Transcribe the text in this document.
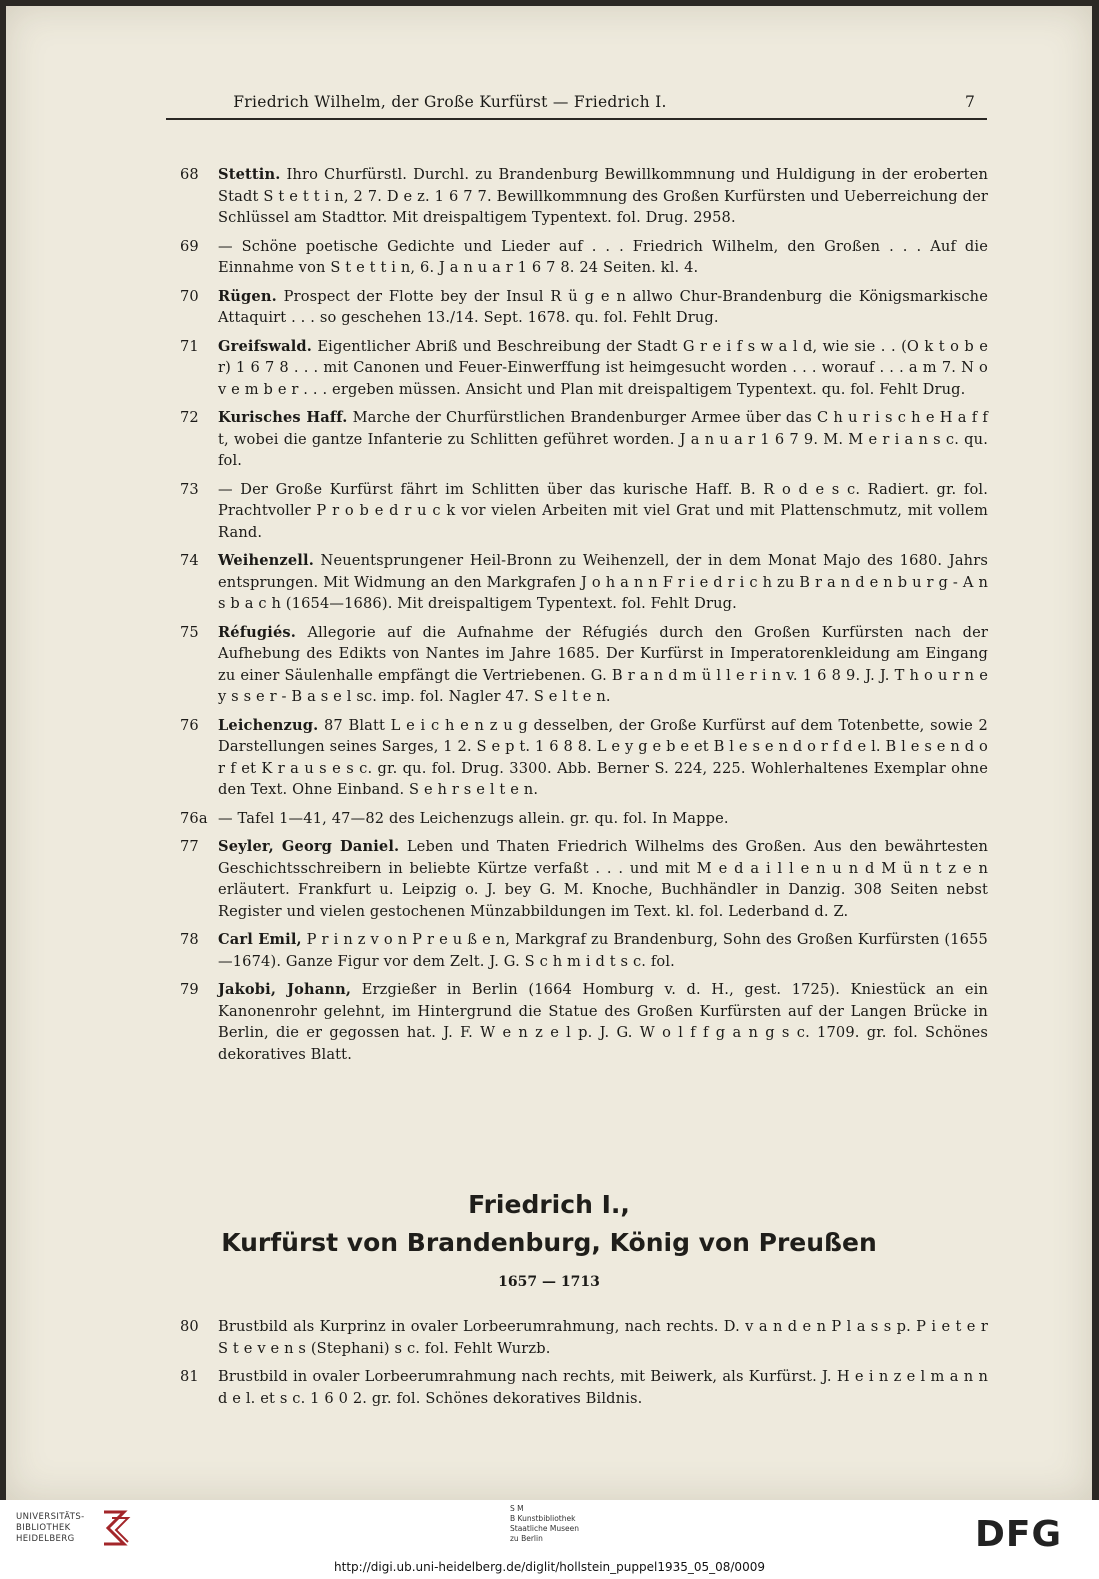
Friedrich Wilhelm, der Große Kurfürst — Friedrich I.	7
68	Stettin. Ihro Churfürstl. Durchl. zu Brandenburg Bewillkommnung und Huldigung in der eroberten Stadt S t e t t i n, 2 7. D e z. 1 6 7 7. Bewillkommnung des Großen Kurfürsten und Ueberreichung der Schlüssel am Stadttor. Mit dreispaltigem Typentext. fol. Drug. 2958.
69	— Schöne poetische Gedichte und Lieder auf . . . Friedrich Wilhelm, den Großen . . . Auf die Einnahme von S t e t t i n, 6. J a n u a r 1 6 7 8. 24 Seiten. kl. 4.
70	Rügen. Prospect der Flotte bey der Insul R ü g e n allwo Chur-Brandenburg die Königsmarkische Attaquirt . . . so geschehen 13./14. Sept. 1678. qu. fol. Fehlt Drug.
71	Greifswald. Eigentlicher Abriß und Beschreibung der Stadt G r e i f s w a l d, wie sie . . (O k t o b e r) 1 6 7 8 . . . mit Canonen und Feuer-Einwerffung ist heimgesucht worden . . . worauf . . . a m 7. N o v e m b e r . . . ergeben müssen. Ansicht und Plan mit dreispaltigem Typentext. qu. fol. Fehlt Drug.
72	Kurisches Haff. Marche der Churfürstlichen Brandenburger Armee über das C h u r i s c h e H a f f t, wobei die gantze Infanterie zu Schlitten geführet worden. J a n u a r 1 6 7 9. M. M e r i a n s c. qu. fol.
73	— Der Große Kurfürst fährt im Schlitten über das kurische Haff. B. R o d e s c. Radiert. gr. fol. Prachtvoller P r o b e d r u c k vor vielen Arbeiten mit viel Grat und mit Plattenschmutz, mit vollem Rand.
74	Weihenzell. Neuentsprungener Heil-Bronn zu Weihenzell, der in dem Monat Majo des 1680. Jahrs entsprungen. Mit Widmung an den Markgrafen J o h a n n F r i e d r i c h zu B r a n d e n b u r g - A n s b a c h (1654—1686). Mit dreispaltigem Typentext. fol. Fehlt Drug.
75	Réfugiés. Allegorie auf die Aufnahme der Réfugiés durch den Großen Kurfürsten nach der Aufhebung des Edikts von Nantes im Jahre 1685. Der Kurfürst in Imperatorenkleidung am Eingang zu einer Säulenhalle empfängt die Vertriebenen. G. B r a n d m ü l l e r i n v. 1 6 8 9. J. J. T h o u r n e y s s e r - B a s e l sc. imp. fol. Nagler 47. S e l t e n.
76	Leichenzug. 87 Blatt L e i c h e n z u g desselben, der Große Kurfürst auf dem Totenbette, sowie 2 Darstellungen seines Sarges, 1 2. S e p t. 1 6 8 8. L e y g e b e et B l e s e n d o r f d e l. B l e s e n d o r f et K r a u s e s c. gr. qu. fol. Drug. 3300. Abb. Berner S. 224, 225. Wohlerhaltenes Exemplar ohne den Text. Ohne Einband. S e h r s e l t e n.
76a — Tafel 1—41, 47—82 des Leichenzugs allein. gr. qu. fol. In Mappe.
77	Seyler, Georg Daniel. Leben und Thaten Friedrich Wilhelms des Großen. Aus den bewährtesten Geschichtsschreibern in beliebte Kürtze verfaßt . . . und mit M e d a i l l e n u n d M ü n t z e n erläutert. Frankfurt u. Leipzig o. J. bey G. M. Knoche, Buchhändler in Danzig. 308 Seiten nebst Register und vielen gestochenen Münzabbildungen im Text. kl. fol. Lederband d. Z.
78	Carl Emil, P r i n z v o n P r e u ß e n, Markgraf zu Brandenburg, Sohn des Großen Kurfürsten (1655—1674). Ganze Figur vor dem Zelt. J. G. S c h m i d t s c. fol.
79	Jakobi, Johann, Erzgießer in Berlin (1664 Homburg v. d. H., gest. 1725). Kniestück an ein Kanonenrohr gelehnt, im Hintergrund die Statue des Großen Kurfürsten auf der Langen Brücke in Berlin, die er gegossen hat. J. F. W e n z e l p. J. G. W o l f f g a n g s c. 1709. gr. fol. Schönes dekoratives Blatt.
Friedrich I.,
Kurfürst von Brandenburg, König von Preußen
1657 — 1713
80	Brustbild als Kurprinz in ovaler Lorbeerumrahmung, nach rechts. D. v a n d e n P l a s s p. P i e t e r S t e v e n s (Stephani) s c. fol. Fehlt Wurzb.
81	Brustbild in ovaler Lorbeerumrahmung nach rechts, mit Beiwerk, als Kurfürst. J. H e i n z e l m a n n d e l. et s c. 1 6 0 2. gr. fol. Schönes dekoratives Bildnis.
UNIVERSITÄTS-
BIBLIOTHEK
HEIDELBERG
S M
B Kunstbibliothek
Staatliche Museen
zu Berlin	DFG
http://digi.ub.uni-heidelberg.de/diglit/hollstein_puppel1935_05_08/0009
